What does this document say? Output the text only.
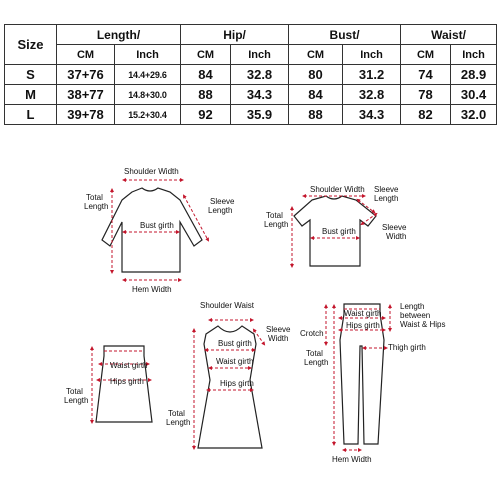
Size	Length/		Hip/		Bust/		Waist/	
	CM	Inch	CM	Inch	CM	Inch	CM	Inch
S	37+76	14.4+29.6	84	32.8	80	31.2	74	28.9
M	38+77	14.8+30.0	88	34.3	84	32.8	78	30.4
L	39+78	15.2+30.4	92	35.9	88	34.3	82	32.0
Shoulder Width
Total
Length
Sleeve
Length
Bust girth
Hem Width
Shoulder Width Sleeve
Length
Total
Length	Sleeve
Width
Bust girth
Waist girth
Hips girth
Total
Length
Shoulder Waist
Sleeve
Width
Bust girth
Waist girth
Hips girth
Total
Length
Length
between
Waist & Hips
Crotch
Waist girth
Hips girth
Thigh girth
Total
Length
Hem Width
